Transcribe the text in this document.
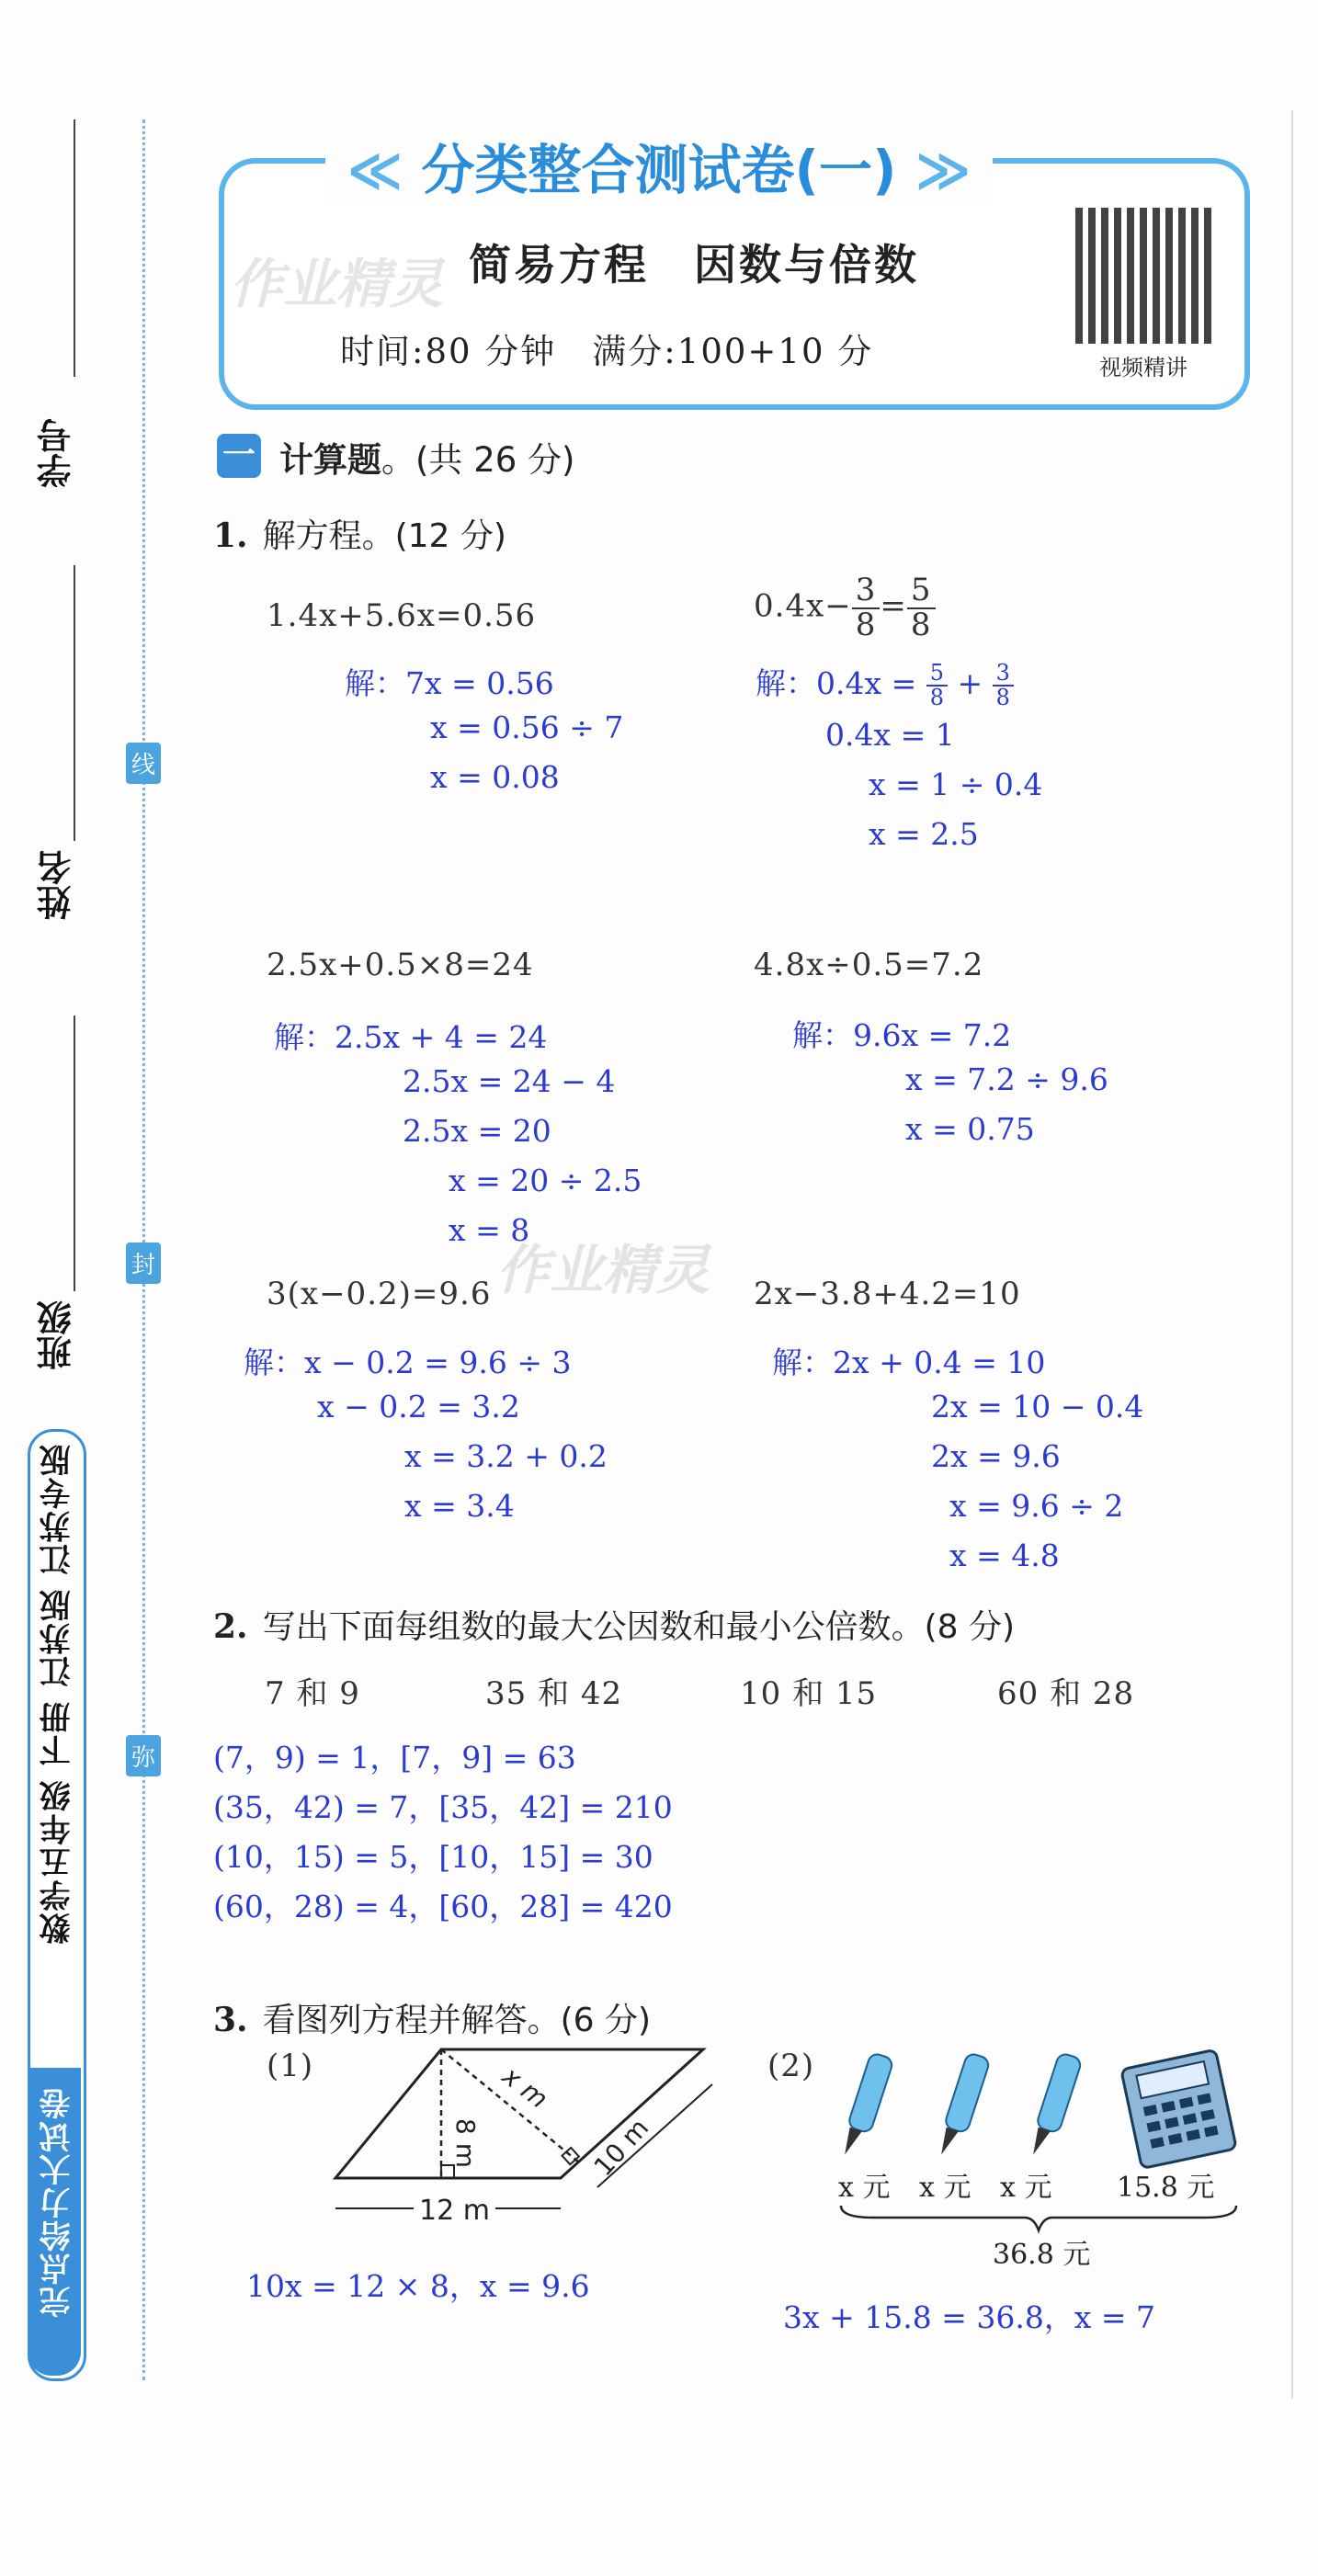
学号
姓名
班级
线
封
弥
数学五年级 下册 江苏版 江苏专版
完点给力大试卷
≪ 分类整合测试卷(一) ≫
简易方程　因数与倍数
时间:80 分钟　满分:100+10 分	视频精讲
作业精灵
一 计算题。(共 26 分)
1. 解方程。(12 分)
1.4x+5.6x=0.56
解：7x = 0.56
x = 0.56 ÷ 7
x = 0.08
$0.4x- \frac{3}{8} = \frac{5}{8}$
解：$0.4x = \frac{5}{8} + \frac{3}{8}$
0.4x = 1
x = 1 ÷ 0.4
x = 2.5
2.5x+0.5×8=24
解：2.5x + 4 = 24
2.5x = 24 − 4
2.5x = 20
x = 20 ÷ 2.5
x = 8
作业精灵
4.8x÷0.5=7.2
解：9.6x = 7.2
x = 7.2 ÷ 9.6
x = 0.75
3(x−0.2)=9.6
解：x − 0.2 = 9.6 ÷ 3
x − 0.2 = 3.2
x = 3.2 + 0.2
x = 3.4
2x−3.8+4.2=10
解：2x + 0.4 = 10
2x = 10 − 0.4
2x = 9.6
x = 9.6 ÷ 2
x = 4.8
2. 写出下面每组数的最大公因数和最小公倍数。(8 分)
7 和 9	35 和 42	10 和 15	60 和 28
(7，9) = 1，[7，9] = 63
(35，42) = 7，[35，42] = 210
(10，15) = 5，[10，15] = 30
(60，28) = 4，[60，28] = 420
3. 看图列方程并解答。(6 分)
(1)	(2)
x m
8 m	10 m
12 m
x 元 x 元 x 元 15.8 元
36.8 元
10x = 12 × 8，x = 9.6
3x + 15.8 = 36.8，x = 7
